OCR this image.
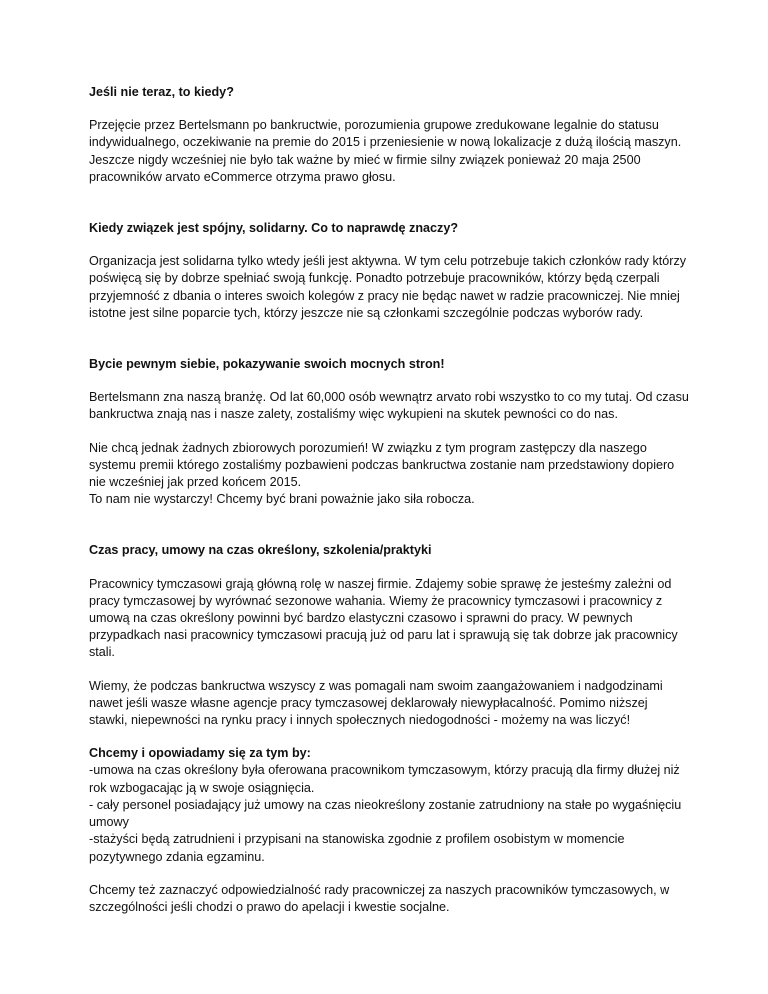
Jeśli nie teraz, to kiedy?

Przejęcie przez Bertelsmann po bankructwie, porozumienia grupowe zredukowane legalnie do statusu indywidualnego, oczekiwanie na premie do 2015 i przeniesienie w nową lokalizacje z dużą ilością maszyn. Jeszcze nigdy wcześniej nie było tak ważne by mieć w firmie silny związek ponieważ 20 maja 2500 pracowników arvato eCommerce otrzyma prawo głosu.

Kiedy związek jest spójny, solidarny. Co to naprawdę znaczy?

Organizacja jest solidarna tylko wtedy jeśli jest aktywna. W tym celu potrzebuje takich członków rady którzy poświęcą się by dobrze spełniać swoją funkcję. Ponadto potrzebuje pracowników, którzy będą czerpali przyjemność z dbania o interes swoich kolegów z pracy nie będąc nawet w radzie pracowniczej. Nie mniej istotne jest silne poparcie tych, którzy jeszcze nie są członkami szczególnie podczas wyborów rady.

Bycie pewnym siebie, pokazywanie swoich mocnych stron!

Bertelsmann zna naszą branżę. Od lat 60,000 osób wewnątrz arvato robi wszystko to co my tutaj. Od czasu bankructwa znają nas i nasze zalety, zostaliśmy więc wykupieni na skutek pewności co do nas.

Nie chcą jednak żadnych zbiorowych porozumień! W związku z tym program zastępczy dla naszego systemu premii którego zostaliśmy pozbawieni podczas bankructwa zostanie nam przedstawiony dopiero nie wcześniej jak przed końcem 2015.

To nam nie wystarczy! Chcemy być brani poważnie jako siła robocza.

Czas pracy, umowy na czas określony, szkolenia/praktyki

Pracownicy tymczasowi grają główną rolę w naszej firmie. Zdajemy sobie sprawę że jesteśmy zależni od pracy tymczasowej by wyrównać sezonowe wahania. Wiemy że pracownicy tymczasowi i pracownicy z umową na czas określony powinni być bardzo elastyczni czasowo i sprawni do pracy. W pewnych przypadkach nasi pracownicy tymczasowi pracują już od paru lat i sprawują się tak dobrze jak pracownicy stali.

Wiemy, że podczas bankructwa wszyscy z was pomagali nam swoim zaangażowaniem i nadgodzinami nawet jeśli wasze własne agencje pracy tymczasowej deklarowały niewypłacalność. Pomimo niższej stawki, niepewności na rynku pracy i innych społecznych niedogodności - możemy na was liczyć!

Chcemy i opowiadamy się za tym by:

-umowa na czas określony była oferowana pracownikom tymczasowym, którzy pracują dla firmy dłużej niż rok wzbogacając ją w swoje osiągnięcia.
- cały personel posiadający już umowy na czas nieokreślony zostanie zatrudniony na stałe po wygaśnięciu umowy
-stażyści będą zatrudnieni i przypisani na stanowiska zgodnie z profilem osobistym w momencie pozytywnego zdania egzaminu.

Chcemy też zaznaczyć odpowiedzialność rady pracowniczej za naszych pracowników tymczasowych, w szczególności jeśli chodzi o prawo do apelacji i kwestie socjalne.
